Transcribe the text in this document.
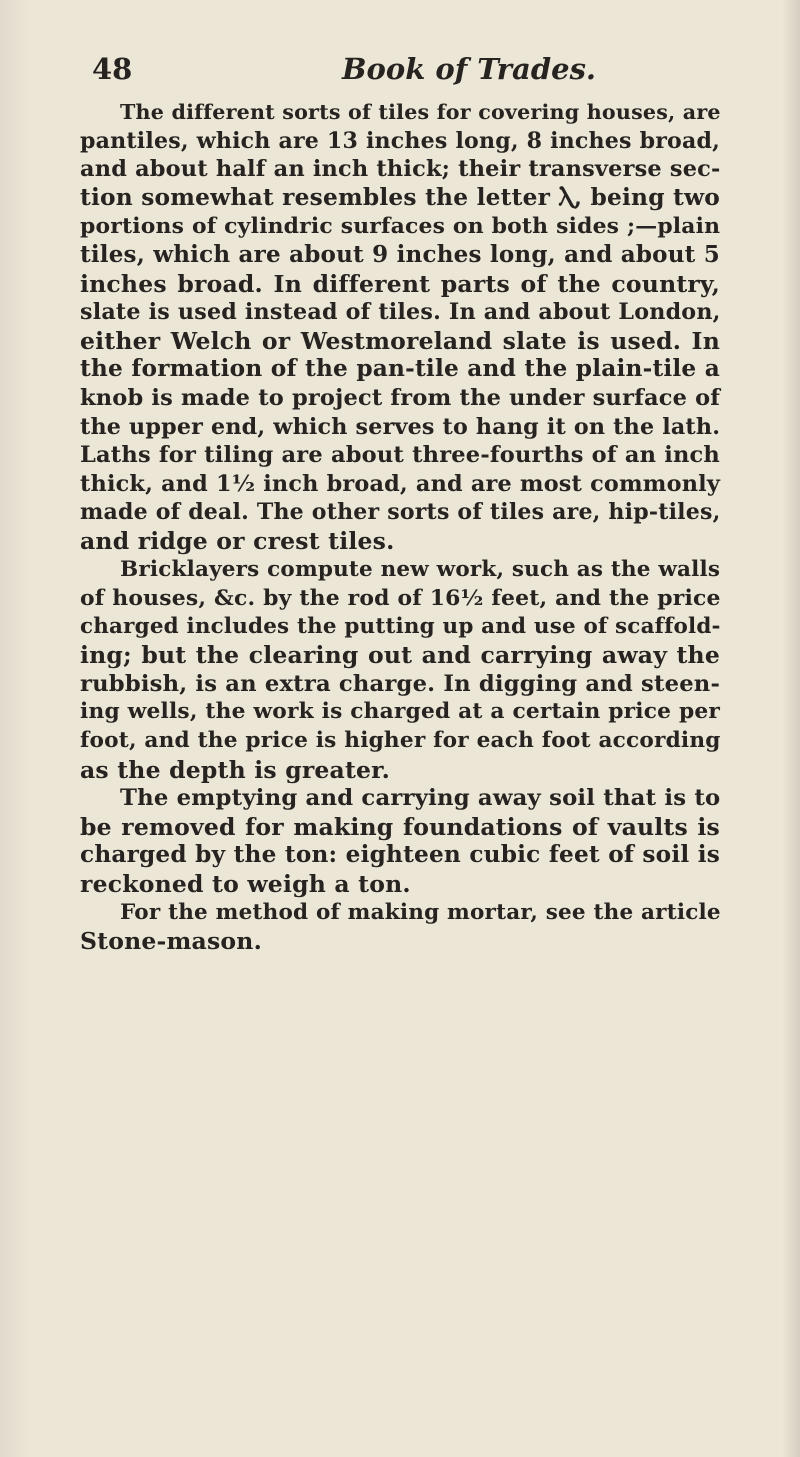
48	Book of Trades.
The different sorts of tiles for covering houses, are
pantiles, which are 13 inches long, 8 inches broad,
and about half an inch thick; their transverse sec-
tion somewhat resembles the letter Ⲗ, being two
portions of cylindric surfaces on both sides ;—plain
tiles, which are about 9 inches long, and about 5
inches broad. In different parts of the country,
slate is used instead of tiles. In and about London,
either Welch or Westmoreland slate is used. In
the formation of the pan-tile and the plain-tile a
knob is made to project from the under surface of
the upper end, which serves to hang it on the lath.
Laths for tiling are about three-fourths of an inch
thick, and 1½ inch broad, and are most commonly
made of deal. The other sorts of tiles are, hip-tiles,
and ridge or crest tiles.
Bricklayers compute new work, such as the walls
of houses, &c. by the rod of 16½ feet, and the price
charged includes the putting up and use of scaffold-
ing; but the clearing out and carrying away the
rubbish, is an extra charge. In digging and steen-
ing wells, the work is charged at a certain price per
foot, and the price is higher for each foot according
as the depth is greater.
The emptying and carrying away soil that is to
be removed for making foundations of vaults is
charged by the ton: eighteen cubic feet of soil is
reckoned to weigh a ton.
For the method of making mortar, see the article
Stone-mason.
